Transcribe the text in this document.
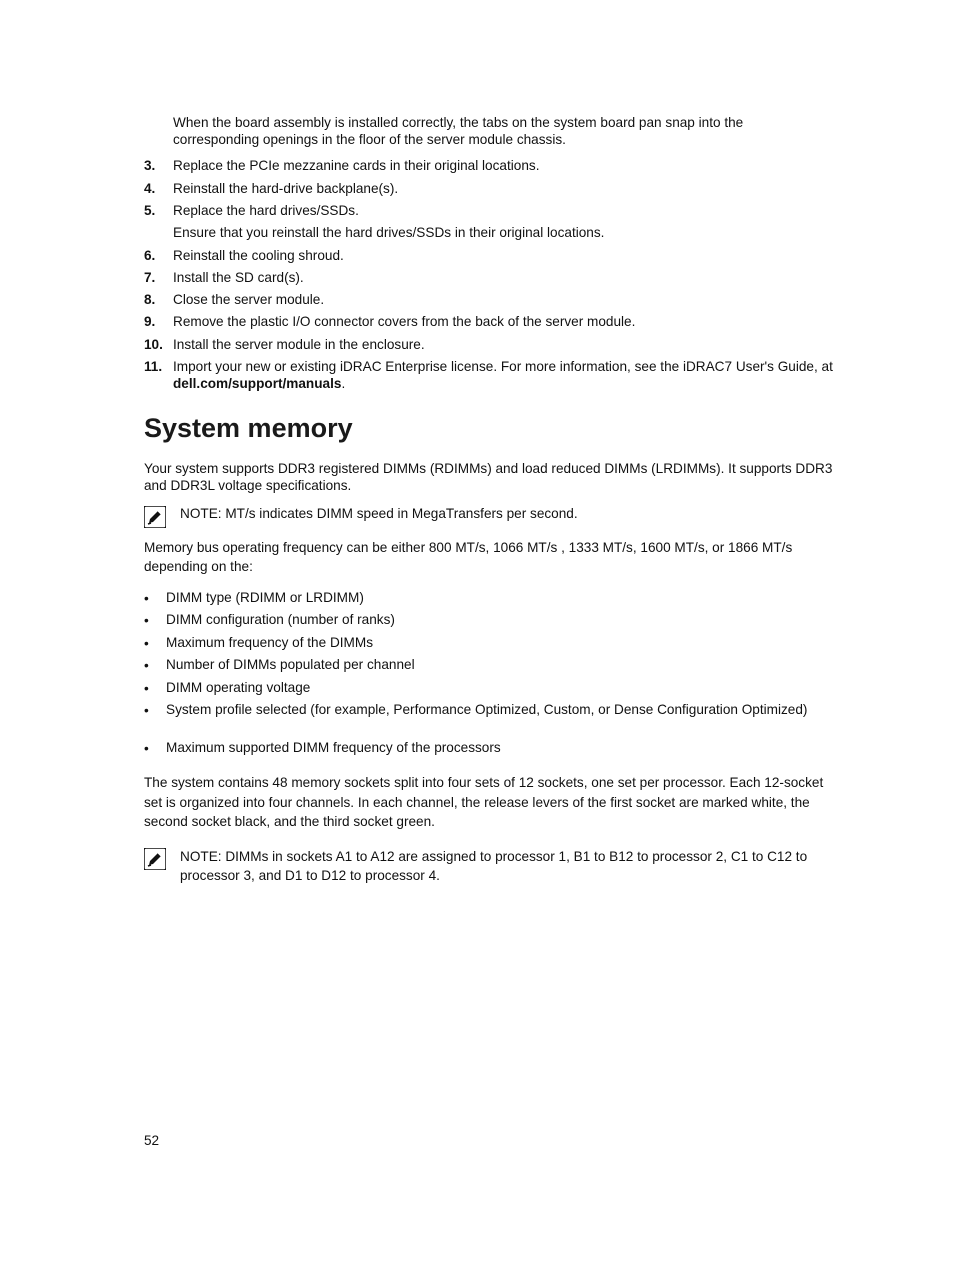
When the board assembly is installed correctly, the tabs on the system board pan snap into the corresponding openings in the floor of the server module chassis.
3. Replace the PCIe mezzanine cards in their original locations.
4. Reinstall the hard-drive backplane(s).
5. Replace the hard drives/SSDs.
Ensure that you reinstall the hard drives/SSDs in their original locations.
6. Reinstall the cooling shroud.
7. Install the SD card(s).
8. Close the server module.
9. Remove the plastic I/O connector covers from the back of the server module.
10. Install the server module in the enclosure.
11. Import your new or existing iDRAC Enterprise license. For more information, see the iDRAC7 User's Guide, at dell.com/support/manuals.
System memory
Your system supports DDR3 registered DIMMs (RDIMMs) and load reduced DIMMs (LRDIMMs). It supports DDR3 and DDR3L voltage specifications.
NOTE: MT/s indicates DIMM speed in MegaTransfers per second.
Memory bus operating frequency can be either 800 MT/s, 1066 MT/s , 1333 MT/s, 1600 MT/s, or 1866 MT/s depending on the:
• DIMM type (RDIMM or LRDIMM)
• DIMM configuration (number of ranks)
• Maximum frequency of the DIMMs
• Number of DIMMs populated per channel
• DIMM operating voltage
• System profile selected (for example, Performance Optimized, Custom, or Dense Configuration Optimized)
• Maximum supported DIMM frequency of the processors
The system contains 48 memory sockets split into four sets of 12 sockets, one set per processor. Each 12-socket set is organized into four channels. In each channel, the release levers of the first socket are marked white, the second socket black, and the third socket green.
NOTE: DIMMs in sockets A1 to A12 are assigned to processor 1, B1 to B12 to processor 2, C1 to C12 to processor 3, and D1 to D12 to processor 4.
52
